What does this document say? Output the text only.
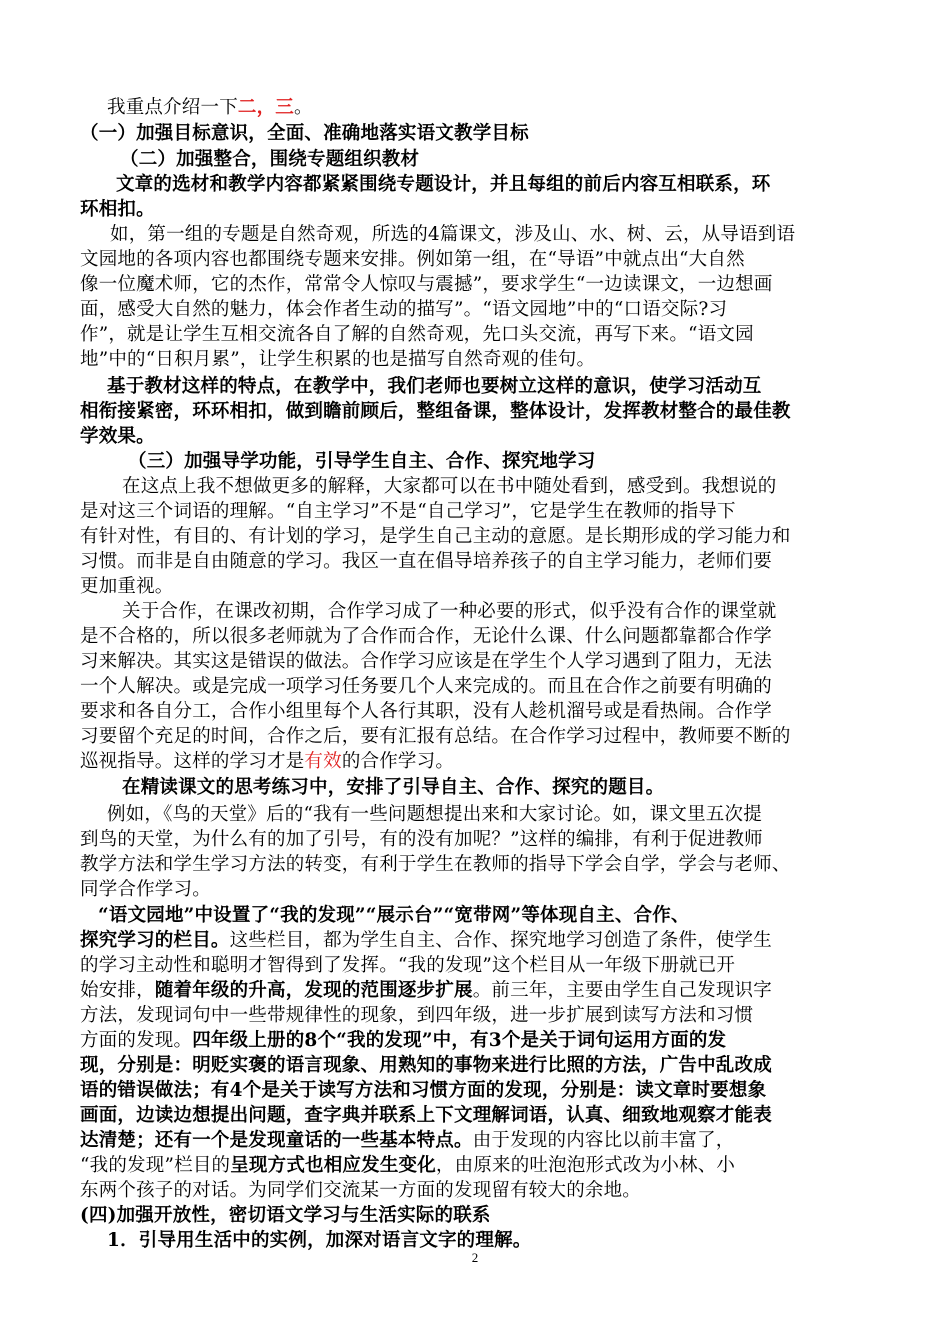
我重点介绍一下二，三。
（一）加强目标意识，全面、准确地落实语文教学目标
（二）加强整合，围绕专题组织教材
文章的选材和教学内容都紧紧围绕专题设计，并且每组的前后内容互相联系，环
环相扣。
如，第一组的专题是自然奇观，所选的4篇课文，涉及山、水、树、云，从导语到语
文园地的各项内容也都围绕专题来安排。例如第一组，在“导语”中就点出“大自然
像一位魔术师，它的杰作，常常令人惊叹与震撼”，要求学生“一边读课文，一边想画
面，感受大自然的魅力，体会作者生动的描写”。“语文园地”中的“口语交际?习
作”，就是让学生互相交流各自了解的自然奇观，先口头交流，再写下来。“语文园
地”中的“日积月累”，让学生积累的也是描写自然奇观的佳句。
基于教材这样的特点，在教学中，我们老师也要树立这样的意识，使学习活动互
相衔接紧密，环环相扣，做到瞻前顾后，整组备课，整体设计，发挥教材整合的最佳教
学效果。
（三）加强导学功能，引导学生自主、合作、探究地学习
在这点上我不想做更多的解释，大家都可以在书中随处看到，感受到。我想说的
是对这三个词语的理解。“自主学习”不是“自己学习”，它是学生在教师的指导下
有针对性，有目的、有计划的学习，是学生自己主动的意愿。是长期形成的学习能力和
习惯。而非是自由随意的学习。我区一直在倡导培养孩子的自主学习能力，老师们要
更加重视。
关于合作，在课改初期，合作学习成了一种必要的形式，似乎没有合作的课堂就
是不合格的，所以很多老师就为了合作而合作，无论什么课、什么问题都靠都合作学
习来解决。其实这是错误的做法。合作学习应该是在学生个人学习遇到了阻力，无法
一个人解决。或是完成一项学习任务要几个人来完成的。而且在合作之前要有明确的
要求和各自分工，合作小组里每个人各行其职，没有人趁机溜号或是看热闹。合作学
习要留个充足的时间，合作之后，要有汇报有总结。在合作学习过程中，教师要不断的
巡视指导。这样的学习才是有效的合作学习。
在精读课文的思考练习中，安排了引导自主、合作、探究的题目。
例如，《鸟的天堂》后的“我有一些问题想提出来和大家讨论。如，课文里五次提
到鸟的天堂，为什么有的加了引号，有的没有加呢？”这样的编排，有利于促进教师
教学方法和学生学习方法的转变，有利于学生在教师的指导下学会自学，学会与老师、
同学合作学习。
“语文园地”中设置了“我的发现”“展示台”“宽带网”等体现自主、合作、
探究学习的栏目。这些栏目，都为学生自主、合作、探究地学习创造了条件，使学生
的学习主动性和聪明才智得到了发挥。“我的发现”这个栏目从一年级下册就已开
始安排，随着年级的升高，发现的范围逐步扩展。前三年，主要由学生自己发现识字
方法，发现词句中一些带规律性的现象，到四年级，进一步扩展到读写方法和习惯
方面的发现。四年级上册的8个“我的发现”中，有3个是关于词句运用方面的发
现，分别是：明贬实褒的语言现象、用熟知的事物来进行比照的方法，广告中乱改成
语的错误做法；有4个是关于读写方法和习惯方面的发现，分别是：读文章时要想象
画面，边读边想提出问题，查字典并联系上下文理解词语，认真、细致地观察才能表
达清楚；还有一个是发现童话的一些基本特点。由于发现的内容比以前丰富了，
“我的发现”栏目的呈现方式也相应发生变化，由原来的吐泡泡形式改为小林、小
东两个孩子的对话。为同学们交流某一方面的发现留有较大的余地。
(四)加强开放性，密切语文学习与生活实际的联系
1．引导用生活中的实例，加深对语言文字的理解。
2
